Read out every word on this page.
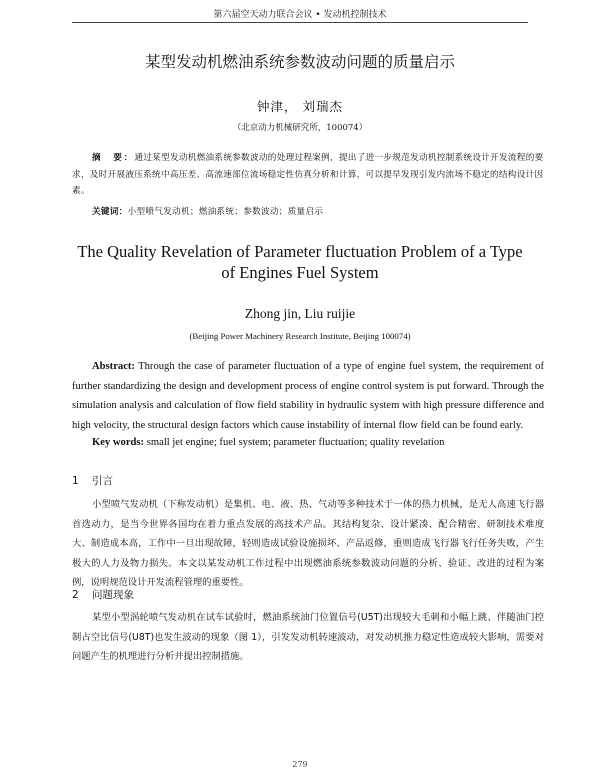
第六届空天动力联合会议 • 发动机控制技术
某型发动机燃油系统参数波动问题的质量启示
钟津， 刘瑞杰
（北京动力机械研究所，100074）
摘　要：通过某型发动机燃油系统参数波动的处理过程案例，提出了进一步规范发动机控制系统设计开发流程的要求，及时开展液压系统中高压差、高流速部位流场稳定性仿真分析和计算，可以提早发现引发内流场不稳定的结构设计因素。
关键词：小型喷气发动机；燃油系统；参数波动；质量启示
The Quality Revelation of Parameter fluctuation Problem of a Type of Engines Fuel System
Zhong jin, Liu ruijie
(Beijing Power Machinery Research Institute, Beijing 100074)

Abstract: Through the case of parameter fluctuation of a type of engine fuel system, the requirement of further standardizing the design and development process of engine control system is put forward. Through the simulation analysis and calculation of flow field stability in hydraulic system with high pressure difference and high velocity, the structural design factors which cause instability of internal flow field can be found early.

Key words: small jet engine; fuel system; parameter fluctuation; quality revelation
1 引言

小型喷气发动机（下称发动机）是集机、电、液、热、气动等多种技术于一体的热力机械，是无人高速飞行器首选动力，是当今世界各国均在着力重点发展的高技术产品。其结构复杂、设计紧凑、配合精密、研制技术难度大、制造成本高，工作中一旦出现故障，轻则造成试验设施损坏、产品返修，重则造成飞行器飞行任务失败，产生极大的人力及物力损失。本文以某发动机工作过程中出现燃油系统参数波动问题的分析、验证、改进的过程为案例，说明规范设计开发流程管理的重要性。

2 问题现象

某型小型涡轮喷气发动机在试车试验时，燃油系统油门位置信号(U5T)出现较大毛刺和小幅上跳、伴随油门控制占空比信号(U8T)也发生波动的现象（图 1），引发发动机转速波动，对发动机推力稳定性造成较大影响，需要对问题产生的机理进行分析并提出控制措施。

279
